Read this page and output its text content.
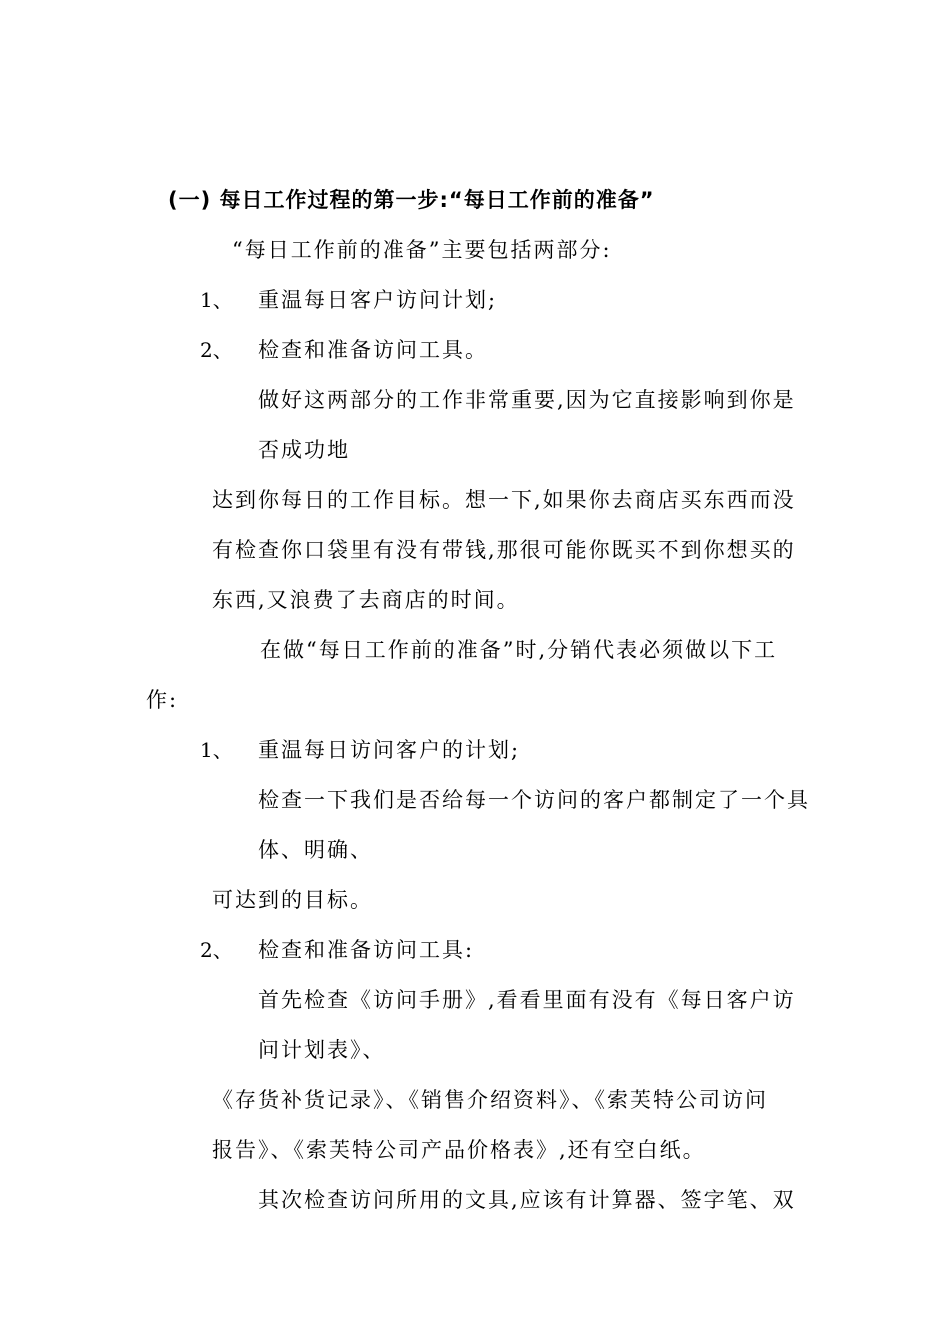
(一) 每日工作过程的第一步:“每日工作前的准备”
“每日工作前的准备”主要包括两部分:
1、 重温每日客户访问计划;
2、 检查和准备访问工具。
做好这两部分的工作非常重要,因为它直接影响到你是
否成功地
达到你每日的工作目标。想一下,如果你去商店买东西而没
有检查你口袋里有没有带钱,那很可能你既买不到你想买的
东西,又浪费了去商店的时间。
在做“每日工作前的准备”时,分销代表必须做以下工
作:
1、 重温每日访问客户的计划;
检查一下我们是否给每一个访问的客户都制定了一个具
体、明确、
可达到的目标。
2、 检查和准备访问工具:
首先检查《访问手册》,看看里面有没有《每日客户访
问计划表》、
《存货补货记录》、《销售介绍资料》、《索芙特公司访问
报告》、《索芙特公司产品价格表》,还有空白纸。
其次检查访问所用的文具,应该有计算器、签字笔、双
